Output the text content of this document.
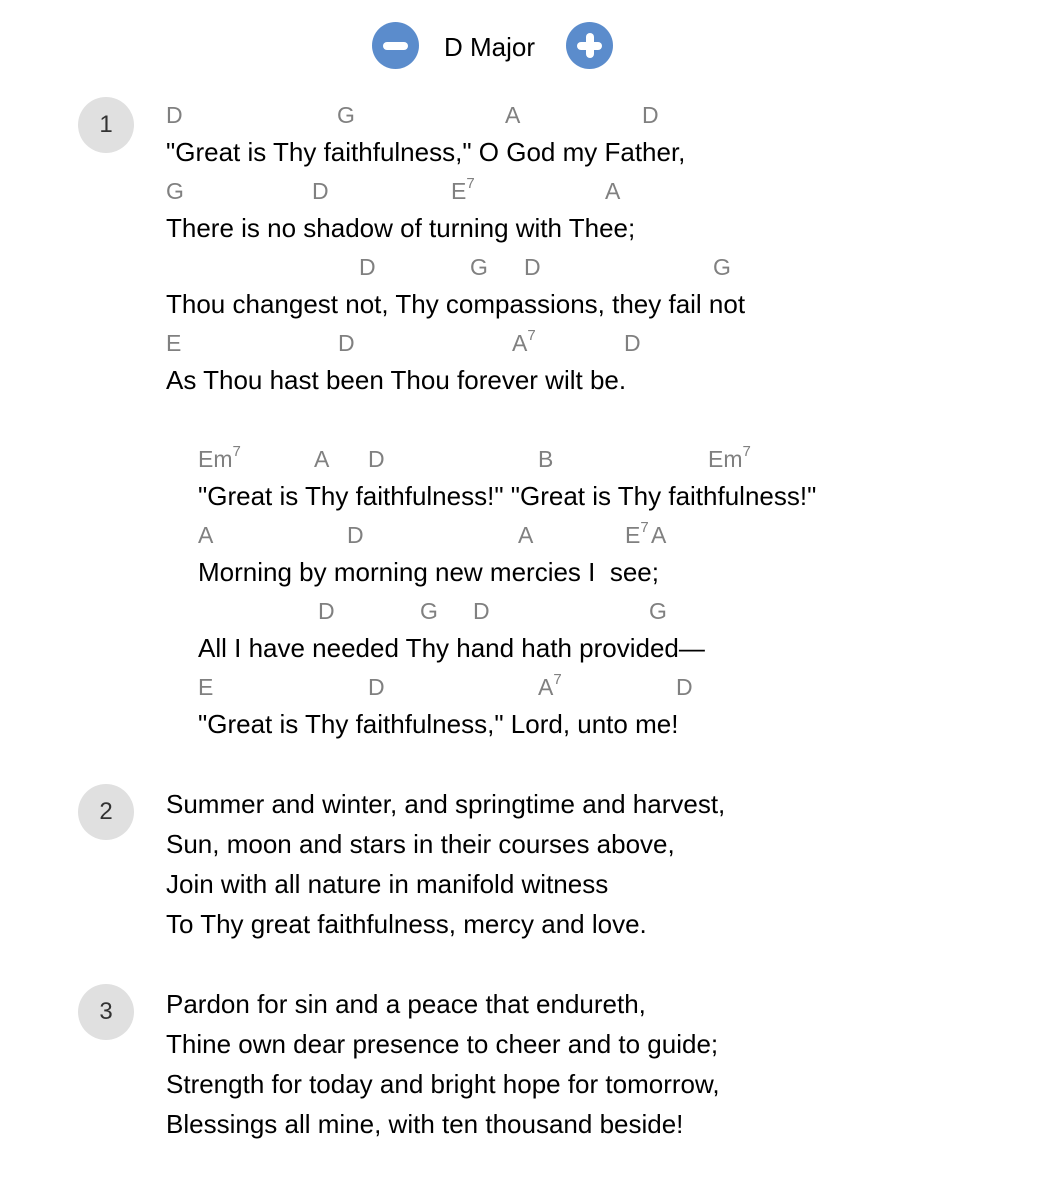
D Major
1	D	G	A	D
"Great is Thy faithfulness," O God my Father,
G	D	$E^7$	A
There is no shadow of turning with Thee;
D	G D	G
Thou changest not, Thy compassions, they fail not
E	D	$A^7$	D
As Thou hast been Thou forever wilt be.
Em$^7$	A D	B	Em$^7$
"Great is Thy faithfulness!" "Great is Thy faithfulness!"
A	D	A	$E^7$ A
Morning by morning new mercies I  see;
D	G D	G
All I have needed Thy hand hath provided—
E	D	$A^7$	D
"Great is Thy faithfulness," Lord, unto me!
2	Summer and winter, and springtime and harvest,
Sun, moon and stars in their courses above,
Join with all nature in manifold witness
To Thy great faithfulness, mercy and love.
3	Pardon for sin and a peace that endureth,
Thine own dear presence to cheer and to guide;
Strength for today and bright hope for tomorrow,
Blessings all mine, with ten thousand beside!
